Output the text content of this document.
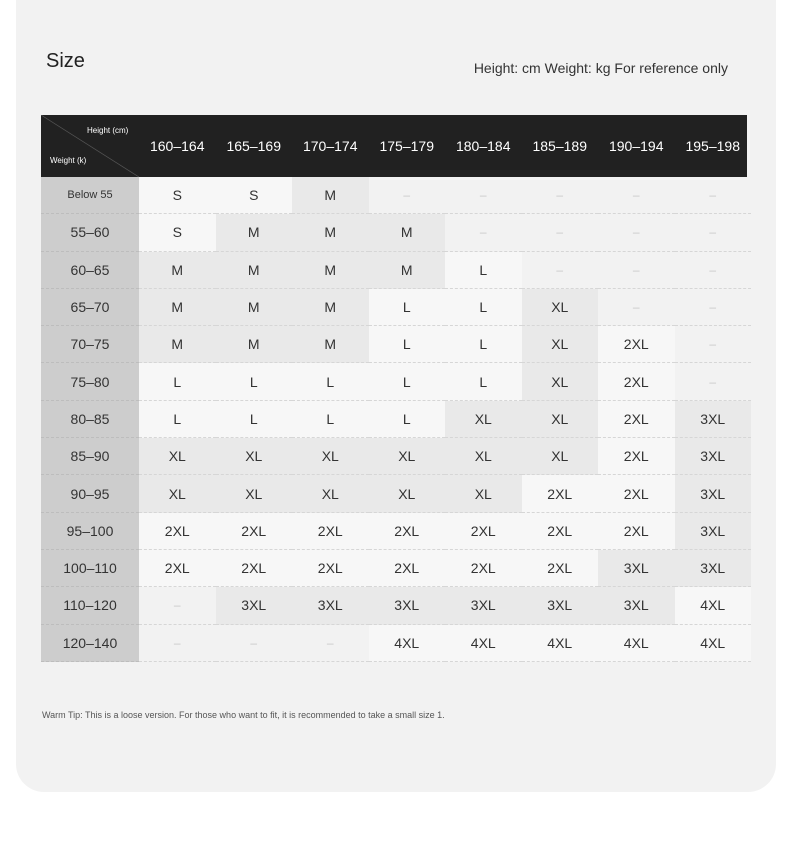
Size	Height: cm Weight: kg For reference only
Height (cm)
Weight (k)
160–164	165–169	170–174	175–179	180–184	185–189	190–194	195–198
Below 55	S	S	M	–	–	–	–	–
55–60	S	M	M	M	–	–	–	–
60–65	M	M	M	M	L	–	–	–
65–70	M	M	M	L	L	XL	–	–
70–75	M	M	M	L	L	XL	2XL	–
75–80	L	L	L	L	L	XL	2XL	–
80–85	L	L	L	L	XL	XL	2XL	3XL
85–90	XL	XL	XL	XL	XL	XL	2XL	3XL
90–95	XL	XL	XL	XL	XL	2XL	2XL	3XL
95–100	2XL	2XL	2XL	2XL	2XL	2XL	2XL	3XL
100–110	2XL	2XL	2XL	2XL	2XL	2XL	3XL	3XL
110–120	–	3XL	3XL	3XL	3XL	3XL	3XL	4XL
120–140	–	–	–	4XL	4XL	4XL	4XL	4XL
Warm Tip: This is a loose version. For those who want to fit, it is recommended to take a small size 1.
